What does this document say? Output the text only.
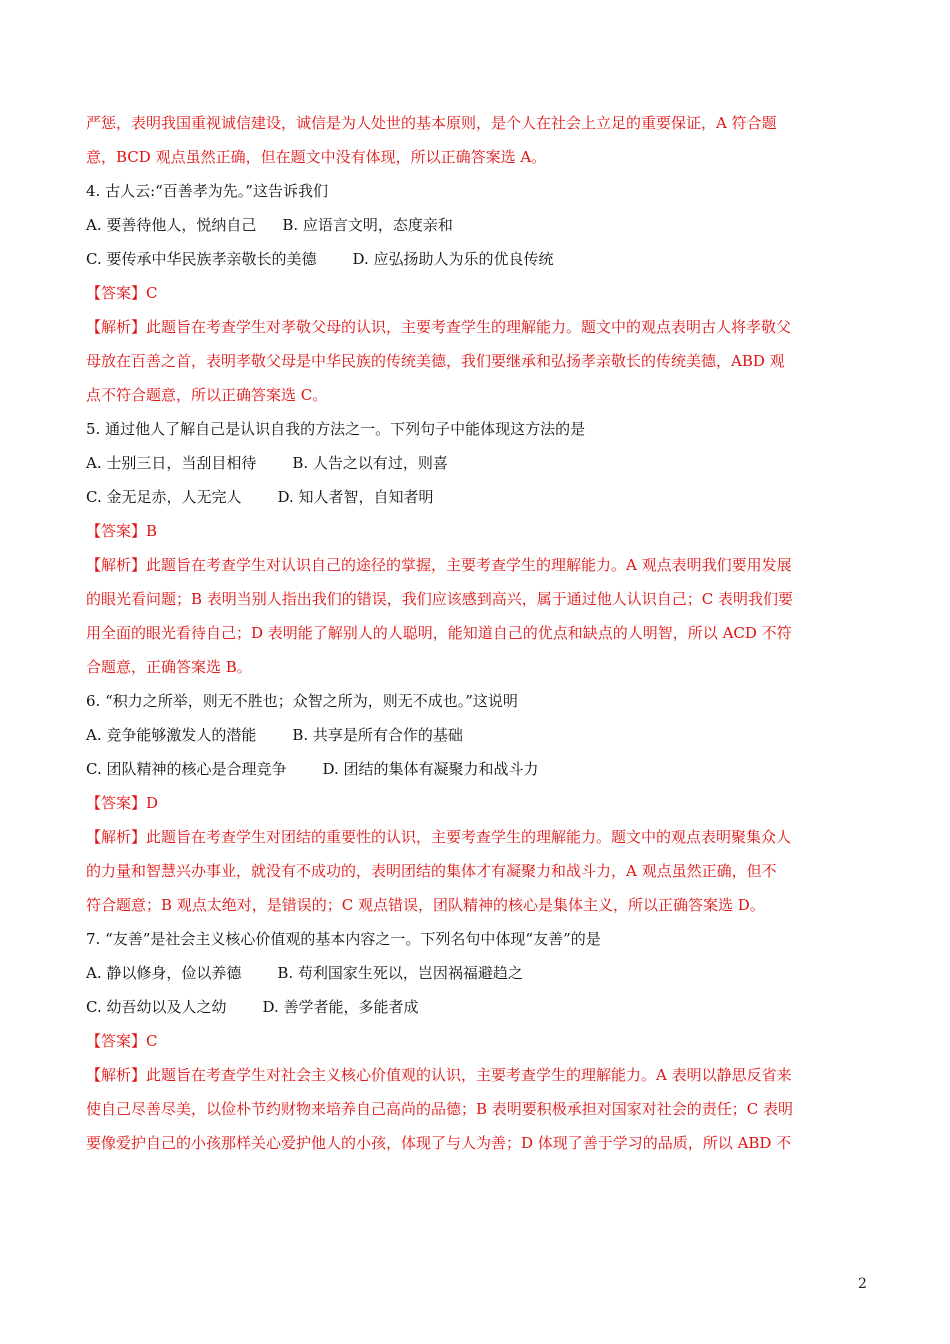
严惩，表明我国重视诚信建设，诚信是为人处世的基本原则，是个人在社会上立足的重要保证，A 符合题
意，BCD 观点虽然正确，但在题文中没有体现，所以正确答案选 A。
4. 古人云:“百善孝为先。”这告诉我们
A. 要善待他人，悦纳自己 B. 应语言文明，态度亲和
C. 要传承中华民族孝亲敬长的美德 D. 应弘扬助人为乐的优良传统
【答案】C
【解析】此题旨在考查学生对孝敬父母的认识，主要考查学生的理解能力。题文中的观点表明古人将孝敬父
母放在百善之首，表明孝敬父母是中华民族的传统美德，我们要继承和弘扬孝亲敬长的传统美德，ABD 观
点不符合题意，所以正确答案选 C。
5. 通过他人了解自己是认识自我的方法之一。下列句子中能体现这方法的是
A. 士别三日，当刮目相待 B. 人告之以有过，则喜
C. 金无足赤，人无完人 D. 知人者智，自知者明
【答案】B
【解析】此题旨在考查学生对认识自己的途径的掌握，主要考查学生的理解能力。A 观点表明我们要用发展
的眼光看问题；B 表明当别人指出我们的错误，我们应该感到高兴，属于通过他人认识自己；C 表明我们要
用全面的眼光看待自己；D 表明能了解别人的人聪明，能知道自己的优点和缺点的人明智，所以 ACD 不符
合题意，正确答案选 B。
6. “积力之所举，则无不胜也；众智之所为，则无不成也。”这说明
A. 竞争能够激发人的潜能 B. 共享是所有合作的基础
C. 团队精神的核心是合理竞争 D. 团结的集体有凝聚力和战斗力
【答案】D
【解析】此题旨在考查学生对团结的重要性的认识，主要考查学生的理解能力。题文中的观点表明聚集众人
的力量和智慧兴办事业，就没有不成功的，表明团结的集体才有凝聚力和战斗力，A 观点虽然正确，但不
符合题意；B 观点太绝对，是错误的；C 观点错误，团队精神的核心是集体主义，所以正确答案选 D。
7. “友善”是社会主义核心价值观的基本内容之一。下列名句中体现“友善”的是
A. 静以修身，俭以养德 B. 苟利国家生死以，岂因祸福避趋之
C. 幼吾幼以及人之幼 D. 善学者能，多能者成
【答案】C
【解析】此题旨在考查学生对社会主义核心价值观的认识，主要考查学生的理解能力。A 表明以静思反省来
使自己尽善尽美，以俭朴节约财物来培养自己高尚的品德；B 表明要积极承担对国家对社会的责任；C 表明
要像爱护自己的小孩那样关心爱护他人的小孩，体现了与人为善；D 体现了善于学习的品质，所以 ABD 不
2
